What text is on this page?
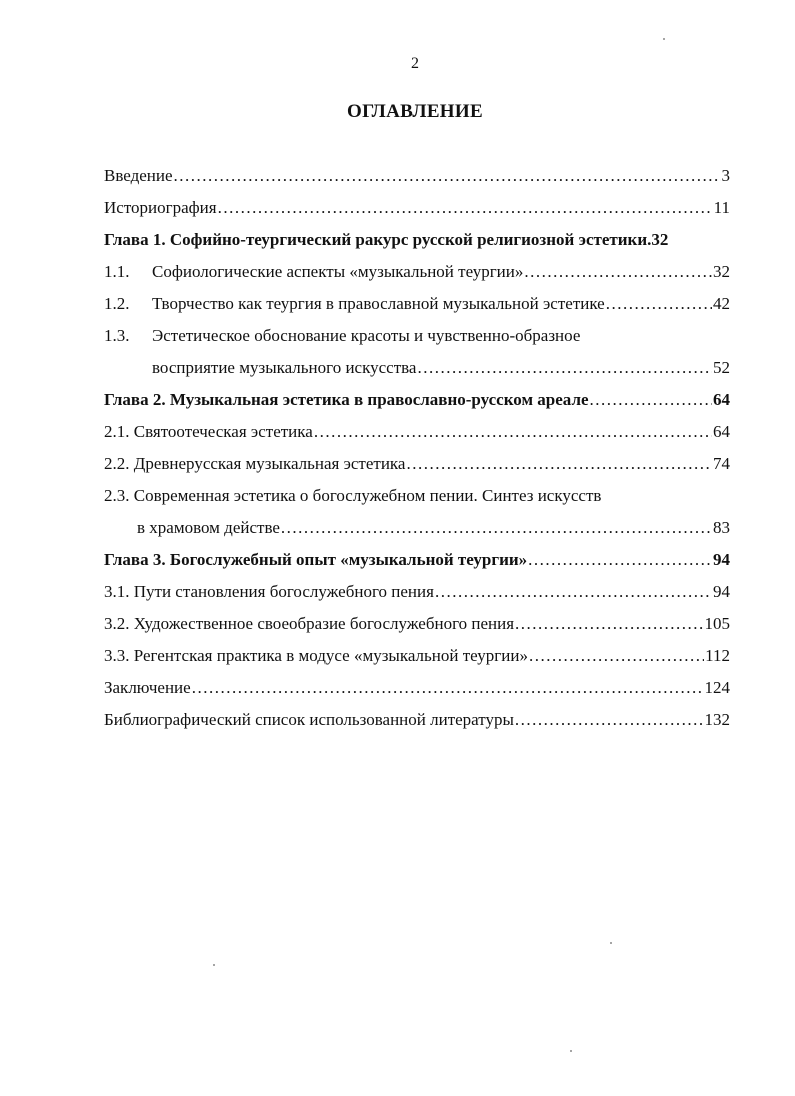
2
ОГЛАВЛЕНИЕ
Введение .....	3
Историография .....	11
Глава 1. Софийно-теургический ракурс русской религиозной эстетики. 32
1.1.	Софиологические аспекты «музыкальной теургии» .....	32
1.2.	Творчество как теургия в православной музыкальной эстетике .....	42
1.3.	Эстетическое обоснование красоты и чувственно-образное
восприятие музыкального искусства .....	52
Глава 2. Музыкальная эстетика в православно-русском ареале .....	64
2.1. Святоотеческая эстетика .....	64
2.2. Древнерусская музыкальная эстетика .....	74
2.3. Современная эстетика о богослужебном пении. Синтез искусств
в храмовом действе .....	83
Глава 3. Богослужебный опыт «музыкальной теургии» .....	94
3.1. Пути становления богослужебного пения .....	94
3.2. Художественное своеобразие богослужебного пения .....	105
3.3. Регентская практика в модусе «музыкальной теургии» .....	112
Заключение .....	124
Библиографический список использованной литературы .....	132
